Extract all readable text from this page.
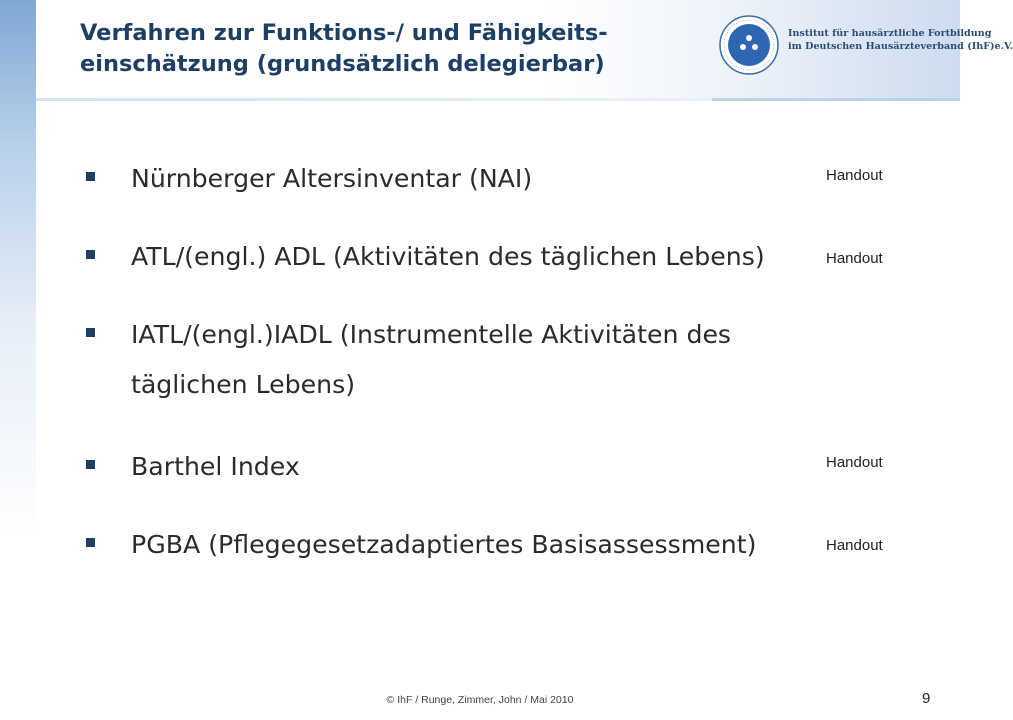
Verfahren zur Funktions-/ und Fähigkeits-
einschätzung (grundsätzlich delegierbar)
Institut für hausärztliche Fortbildung
im Deutschen Hausärzteverband (IhF)e.V.
Nürnberger Altersinventar (NAI)
ATL/(engl.) ADL (Aktivitäten des täglichen Lebens)
IATL/(engl.)IADL (Instrumentelle Aktivitäten des täglichen Lebens)
Barthel Index
PGBA (Pflegegesetzadaptiertes Basisassessment)
Handout
Handout
Handout
Handout
© IhF / Runge, Zimmer, John / Mai 2010	9
